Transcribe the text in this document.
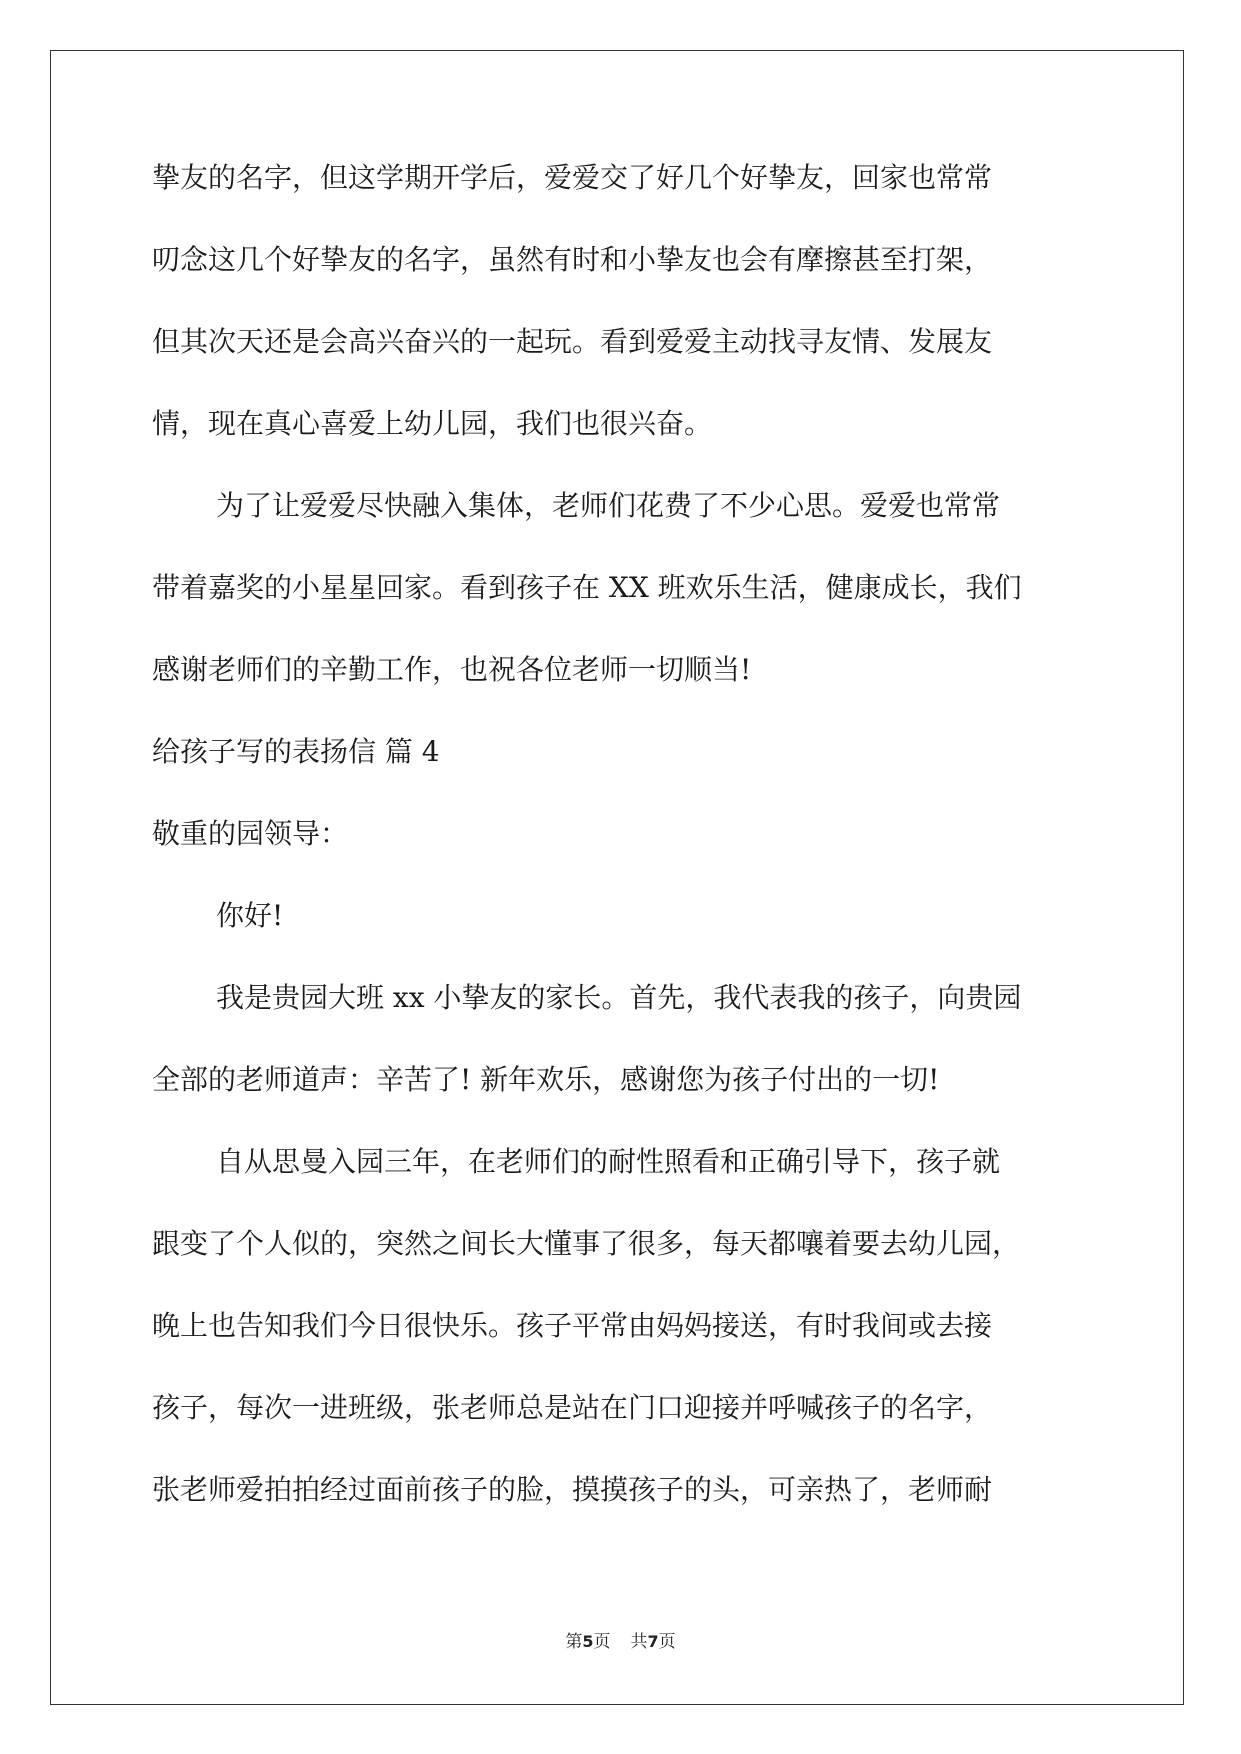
挚友的名字，但这学期开学后，爱爱交了好几个好挚友，回家也常常
叨念这几个好挚友的名字，虽然有时和小挚友也会有摩擦甚至打架，
但其次天还是会高兴奋兴的一起玩。看到爱爱主动找寻友情、发展友
情，现在真心喜爱上幼儿园，我们也很兴奋。
为了让爱爱尽快融入集体，老师们花费了不少心思。爱爱也常常
带着嘉奖的小星星回家。看到孩子在 XX 班欢乐生活，健康成长，我们
感谢老师们的辛勤工作，也祝各位老师一切顺当!
给孩子写的表扬信 篇 4
敬重的园领导：
你好!
我是贵园大班 xx 小挚友的家长。首先，我代表我的孩子，向贵园
全部的老师道声：辛苦了! 新年欢乐，感谢您为孩子付出的一切!
自从思曼入园三年，在老师们的耐性照看和正确引导下，孩子就
跟变了个人似的，突然之间长大懂事了很多，每天都嚷着要去幼儿园，
晚上也告知我们今日很快乐。孩子平常由妈妈接送，有时我间或去接
孩子，每次一进班级，张老师总是站在门口迎接并呼喊孩子的名字，
张老师爱拍拍经过面前孩子的脸，摸摸孩子的头，可亲热了，老师耐
第5页 共7页
